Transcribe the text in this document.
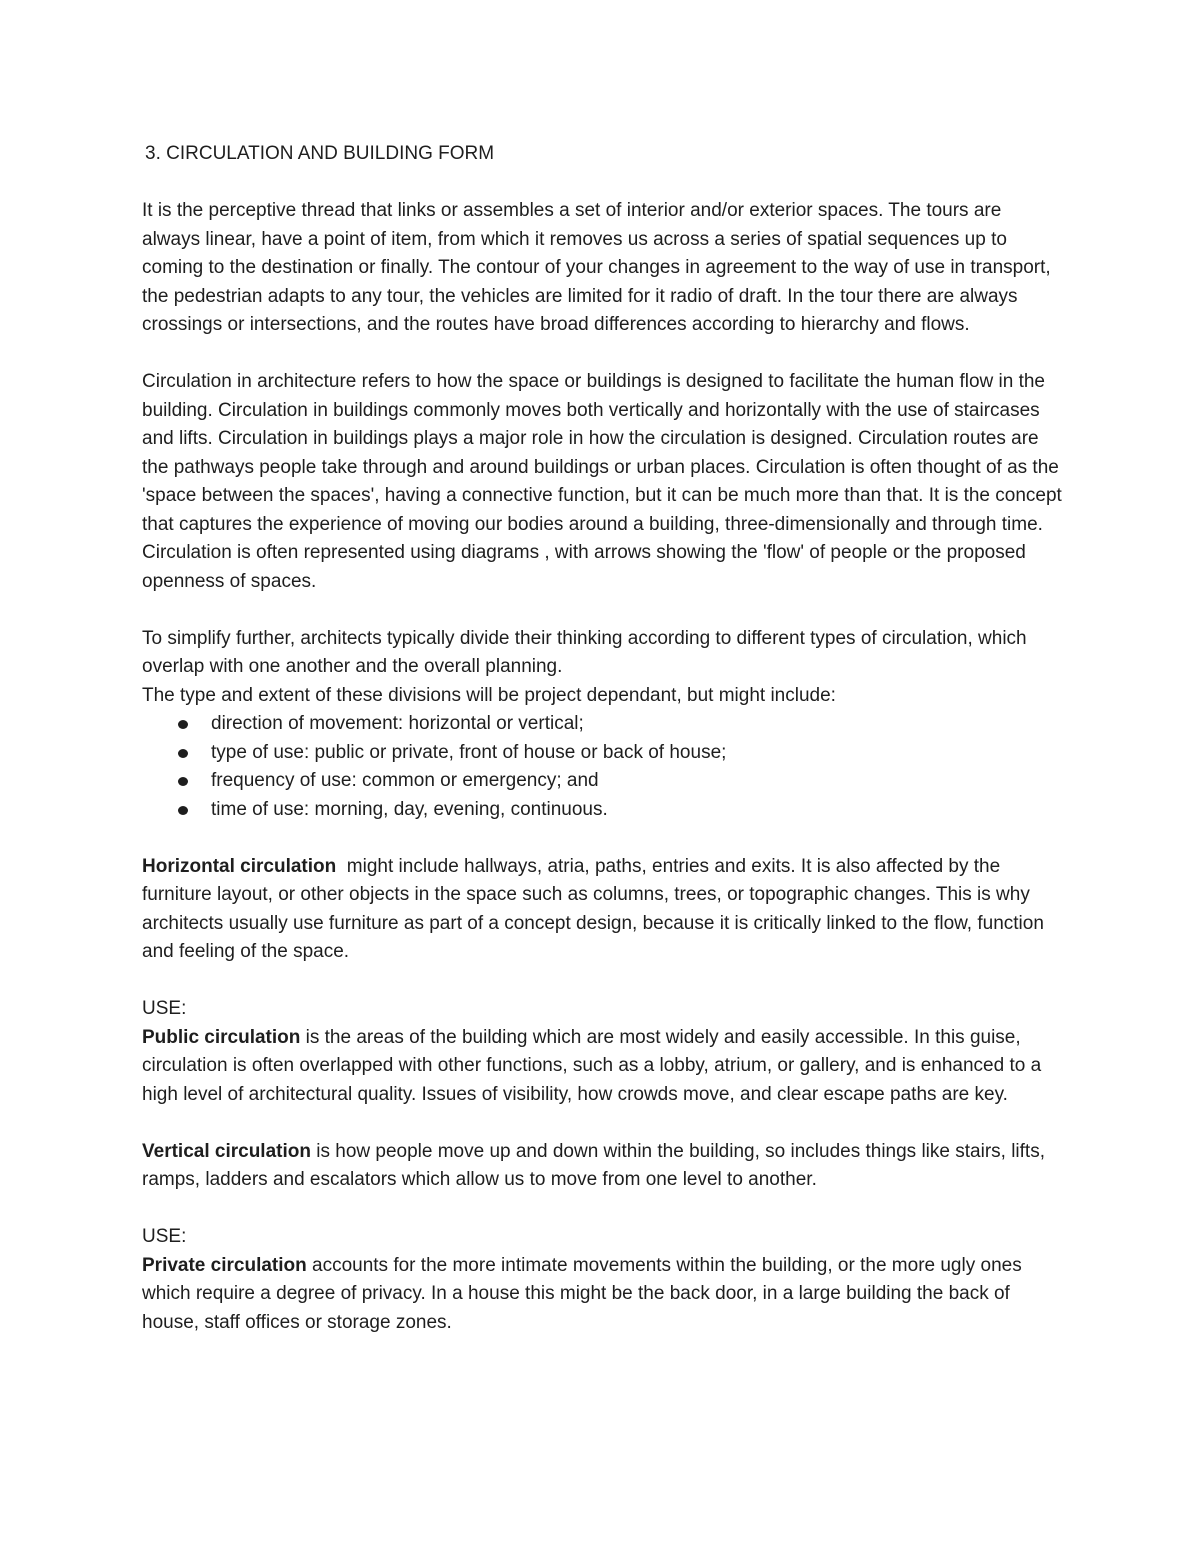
3. CIRCULATION AND BUILDING FORM

It is the perceptive thread that links or assembles a set of interior and/or exterior spaces. The tours are always linear, have a point of item, from which it removes us across a series of spatial sequences up to coming to the destination or finally. The contour of your changes in agreement to the way of use in transport, the pedestrian adapts to any tour, the vehicles are limited for it radio of draft. In the tour there are always crossings or intersections, and the routes have broad differences according to hierarchy and flows.

Circulation in architecture refers to how the space or buildings is designed to facilitate the human flow in the building. Circulation in buildings commonly moves both vertically and horizontally with the use of staircases and lifts. Circulation in buildings plays a major role in how the circulation is designed. Circulation routes are the pathways people take through and around buildings or urban places. Circulation is often thought of as the 'space between the spaces', having a connective function, but it can be much more than that. It is the concept that captures the experience of moving our bodies around a building, three-dimensionally and through time. Circulation is often represented using diagrams , with arrows showing the 'flow' of people or the proposed openness of spaces.

To simplify further, architects typically divide their thinking according to different types of circulation, which overlap with one another and the overall planning.

The type and extent of these divisions will be project dependant, but might include:

direction of movement: horizontal or vertical;
type of use: public or private, front of house or back of house;
frequency of use: common or emergency; and
time of use: morning, day, evening, continuous.

Horizontal circulation  might include hallways, atria, paths, entries and exits. It is also affected by the furniture layout, or other objects in the space such as columns, trees, or topographic changes. This is why architects usually use furniture as part of a concept design, because it is critically linked to the flow, function and feeling of the space.

USE:
Public circulation is the areas of the building which are most widely and easily accessible. In this guise, circulation is often overlapped with other functions, such as a lobby, atrium, or gallery, and is enhanced to a high level of architectural quality. Issues of visibility, how crowds move, and clear escape paths are key.

Vertical circulation is how people move up and down within the building, so includes things like stairs, lifts, ramps, ladders and escalators which allow us to move from one level to another.

USE:
Private circulation accounts for the more intimate movements within the building, or the more ugly ones which require a degree of privacy. In a house this might be the back door, in a large building the back of house, staff offices or storage zones.
